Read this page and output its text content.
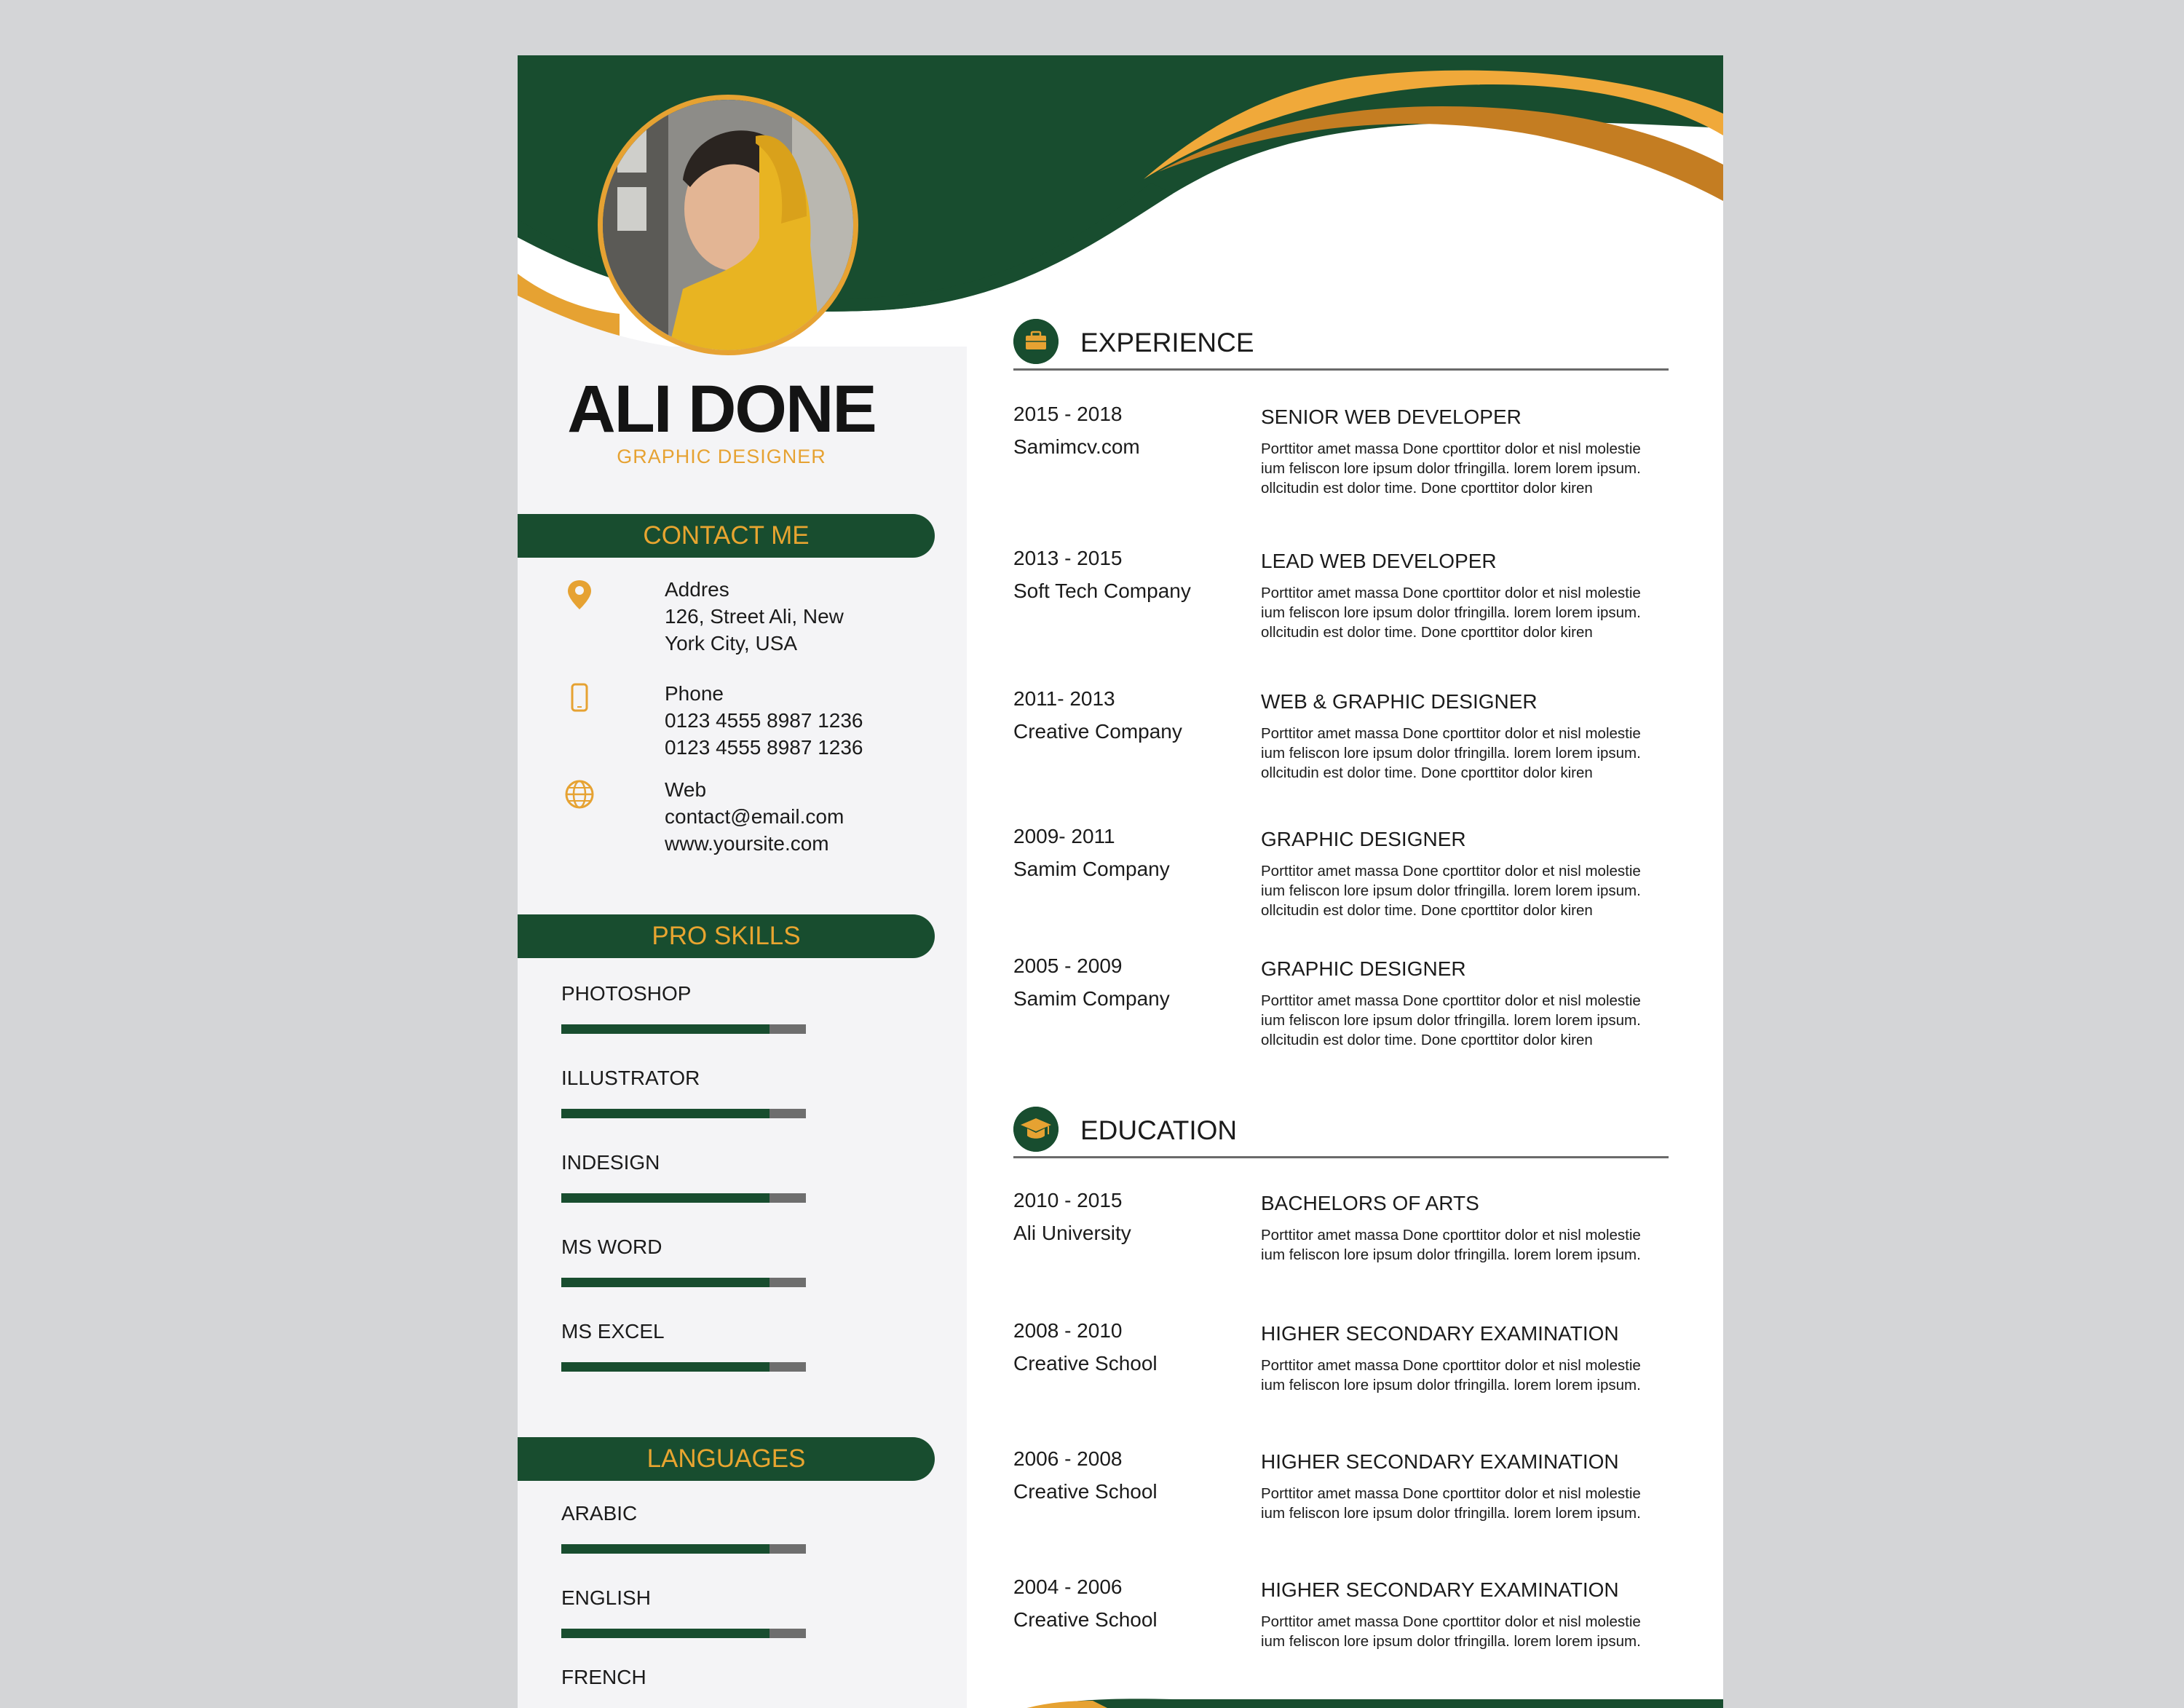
ALI DONE

GRAPHIC DESIGNER

CONTACT ME
Addres
126, Street Ali, New
York City, USA
Phone
0123 4555 8987 1236
0123 4555 8987 1236
Web
contact@email.com
www.yoursite.com
PRO SKILLS
PHOTOSHOP
ILLUSTRATOR
INDESIGN
MS WORD
MS EXCEL
LANGUAGES
ARABIC
ENGLISH
FRENCH
EXPERIENCE
2015 - 2018
Samimcv.com
SENIOR WEB DEVELOPER
Porttitor amet massa Done cporttitor dolor et nisl molestie
ium feliscon lore ipsum dolor tfringilla. lorem lorem ipsum.
ollcitudin est dolor time. Done cporttitor dolor kiren
2013 - 2015
Soft Tech Company
LEAD WEB DEVELOPER
Porttitor amet massa Done cporttitor dolor et nisl molestie
ium feliscon lore ipsum dolor tfringilla. lorem lorem ipsum.
ollcitudin est dolor time. Done cporttitor dolor kiren
2011- 2013
Creative Company
WEB & GRAPHIC DESIGNER
Porttitor amet massa Done cporttitor dolor et nisl molestie
ium feliscon lore ipsum dolor tfringilla. lorem lorem ipsum.
ollcitudin est dolor time. Done cporttitor dolor kiren
2009- 2011
Samim Company
GRAPHIC DESIGNER
Porttitor amet massa Done cporttitor dolor et nisl molestie
ium feliscon lore ipsum dolor tfringilla. lorem lorem ipsum.
ollcitudin est dolor time. Done cporttitor dolor kiren
2005 - 2009
Samim Company
GRAPHIC DESIGNER
Porttitor amet massa Done cporttitor dolor et nisl molestie
ium feliscon lore ipsum dolor tfringilla. lorem lorem ipsum.
ollcitudin est dolor time. Done cporttitor dolor kiren
EDUCATION
2010 - 2015
Ali University
BACHELORS OF ARTS
Porttitor amet massa Done cporttitor dolor et nisl molestie
ium feliscon lore ipsum dolor tfringilla. lorem lorem ipsum.
2008 - 2010
Creative School
HIGHER SECONDARY EXAMINATION
Porttitor amet massa Done cporttitor dolor et nisl molestie
ium feliscon lore ipsum dolor tfringilla. lorem lorem ipsum.
2006 - 2008
Creative School
HIGHER SECONDARY EXAMINATION
Porttitor amet massa Done cporttitor dolor et nisl molestie
ium feliscon lore ipsum dolor tfringilla. lorem lorem ipsum.
2004 - 2006
Creative School
HIGHER SECONDARY EXAMINATION
Porttitor amet massa Done cporttitor dolor et nisl molestie
ium feliscon lore ipsum dolor tfringilla. lorem lorem ipsum.
